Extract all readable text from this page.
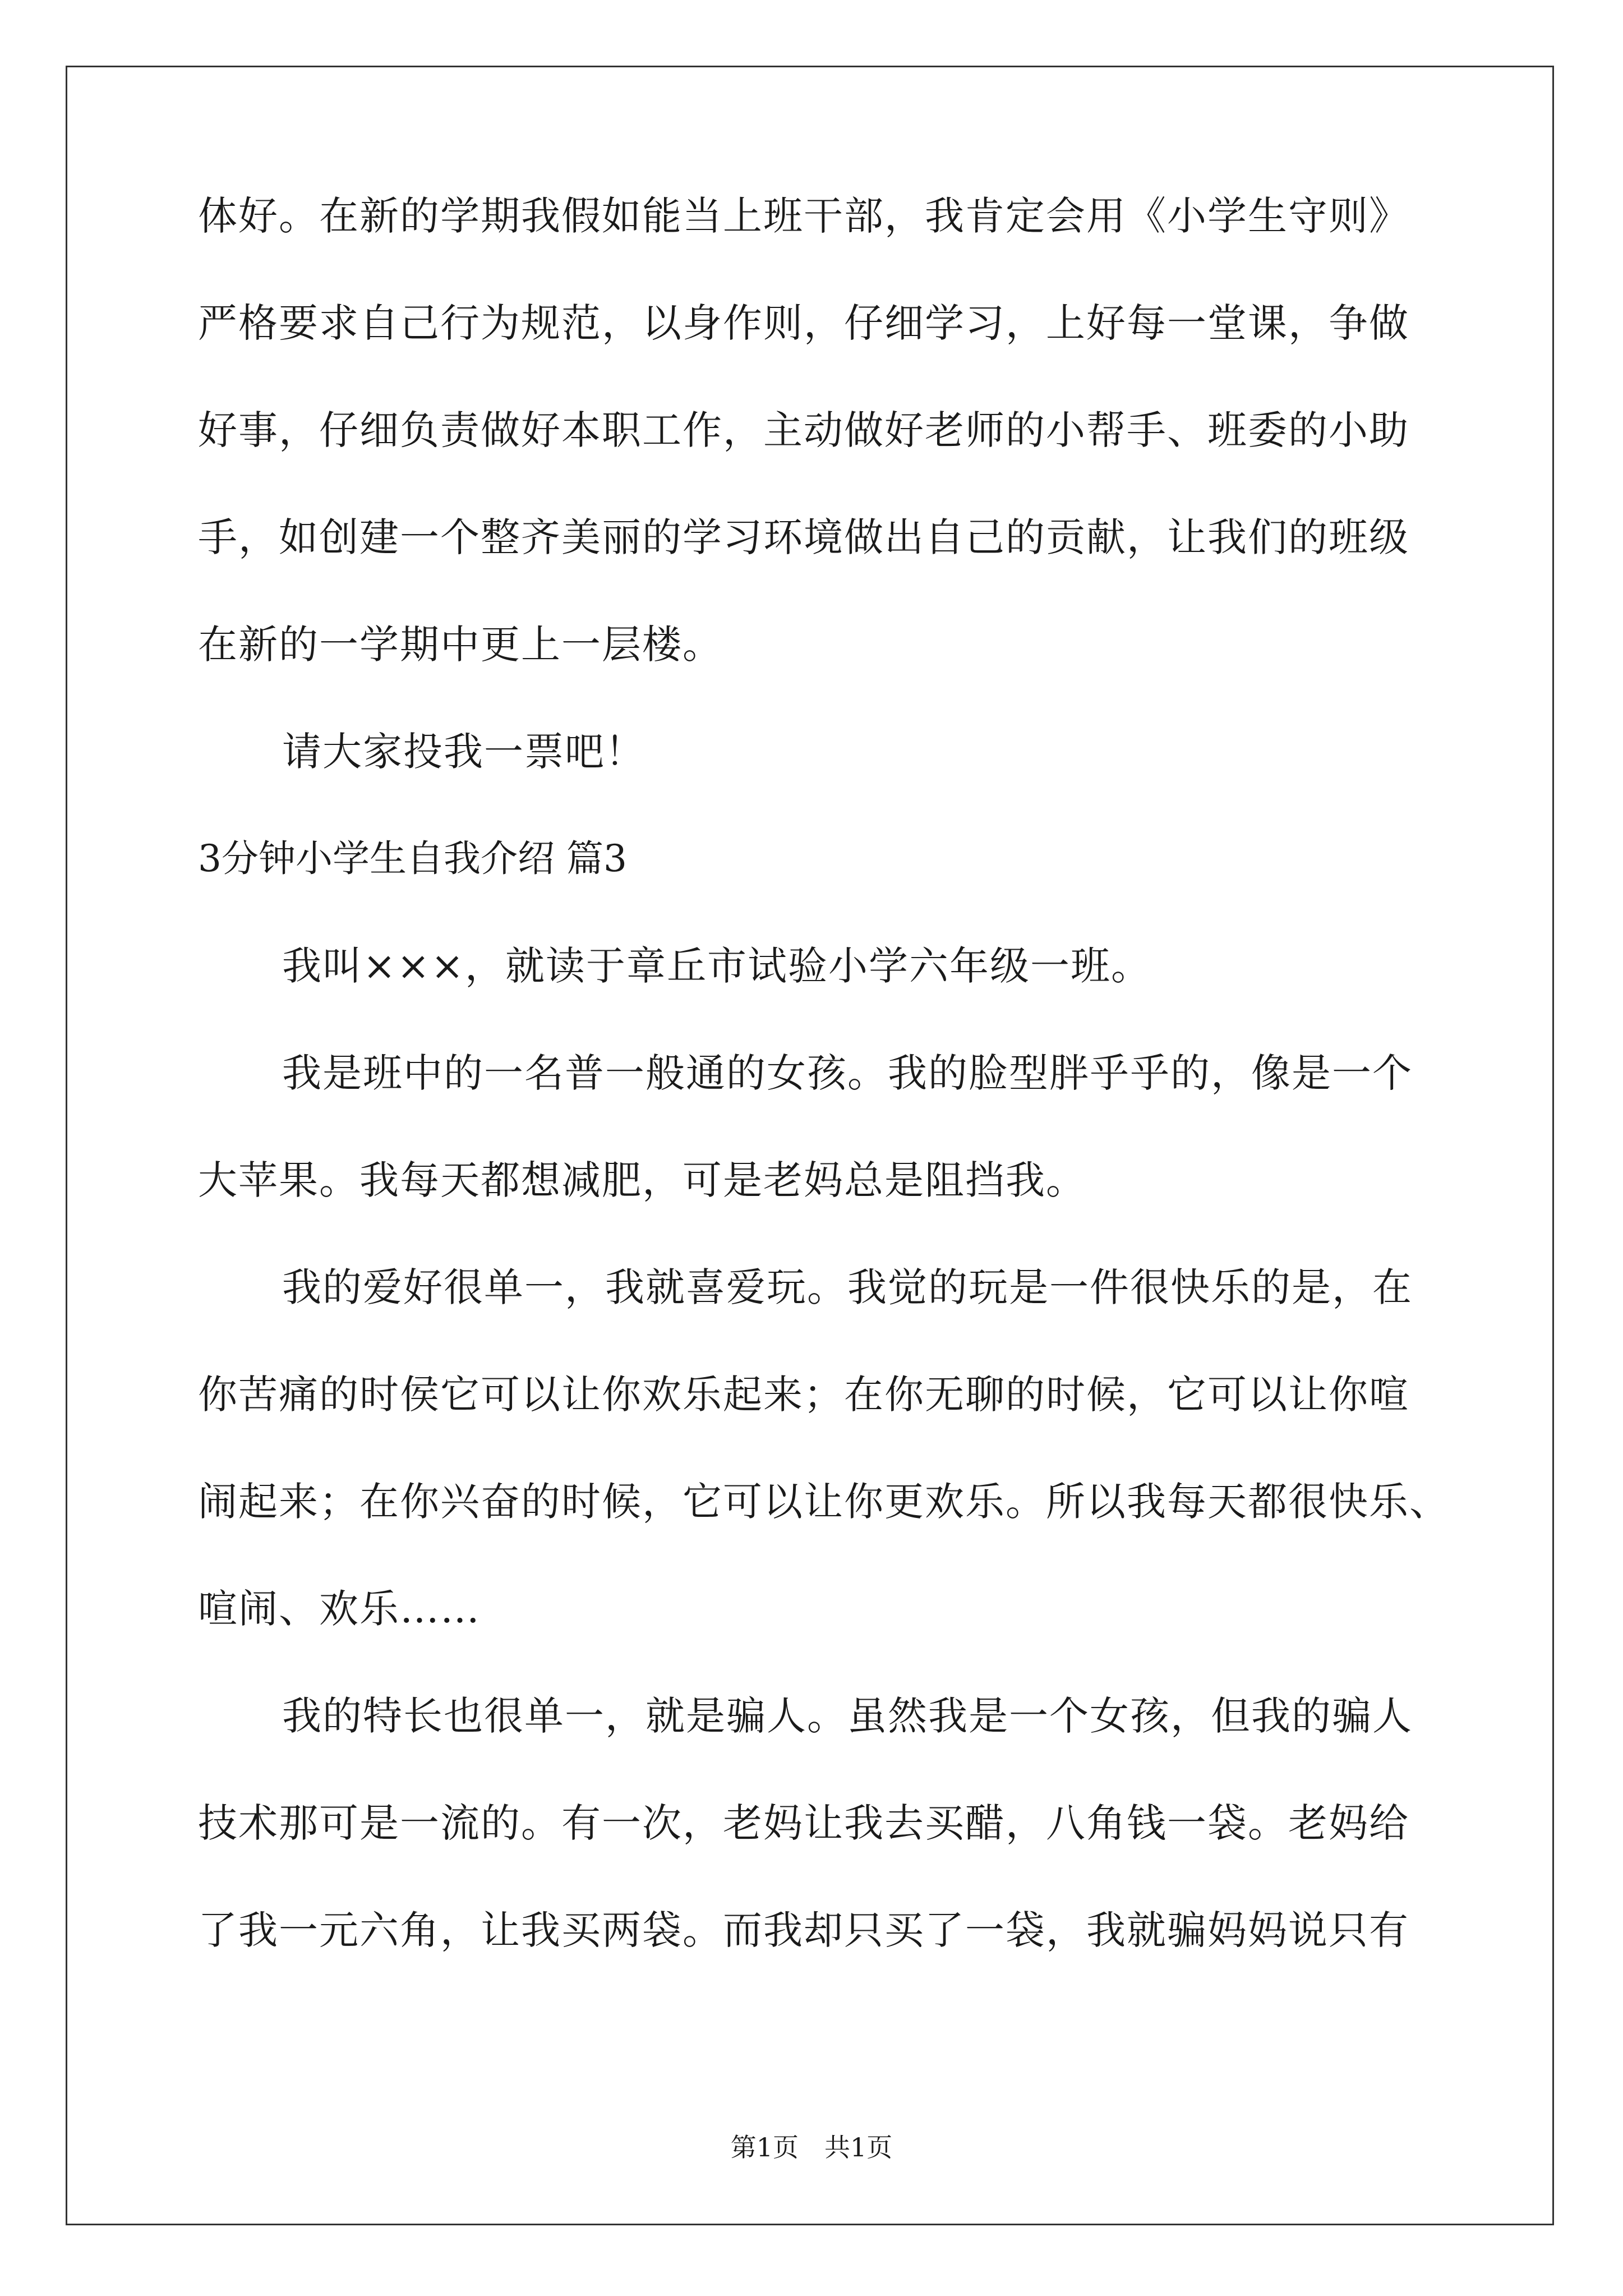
体好。在新的学期我假如能当上班干部，我肯定会用《小学生守则》
严格要求自己行为规范，以身作则，仔细学习，上好每一堂课，争做
好事，仔细负责做好本职工作，主动做好老师的小帮手、班委的小助
手，如创建一个整齐美丽的学习环境做出自己的贡献，让我们的班级
在新的一学期中更上一层楼。
请大家投我一票吧！
3分钟小学生自我介绍 篇3
我叫×××，就读于章丘市试验小学六年级一班。
我是班中的一名普一般通的女孩。我的脸型胖乎乎的，像是一个
大苹果。我每天都想减肥，可是老妈总是阻挡我。
我的爱好很单一，我就喜爱玩。我觉的玩是一件很快乐的是，在
你苦痛的时侯它可以让你欢乐起来；在你无聊的时候，它可以让你喧
闹起来；在你兴奋的时候，它可以让你更欢乐。所以我每天都很快乐、
喧闹、欢乐……
我的特长也很单一，就是骗人。虽然我是一个女孩，但我的骗人
技术那可是一流的。有一次，老妈让我去买醋，八角钱一袋。老妈给
了我一元六角，让我买两袋。而我却只买了一袋，我就骗妈妈说只有
第1页　共1页
